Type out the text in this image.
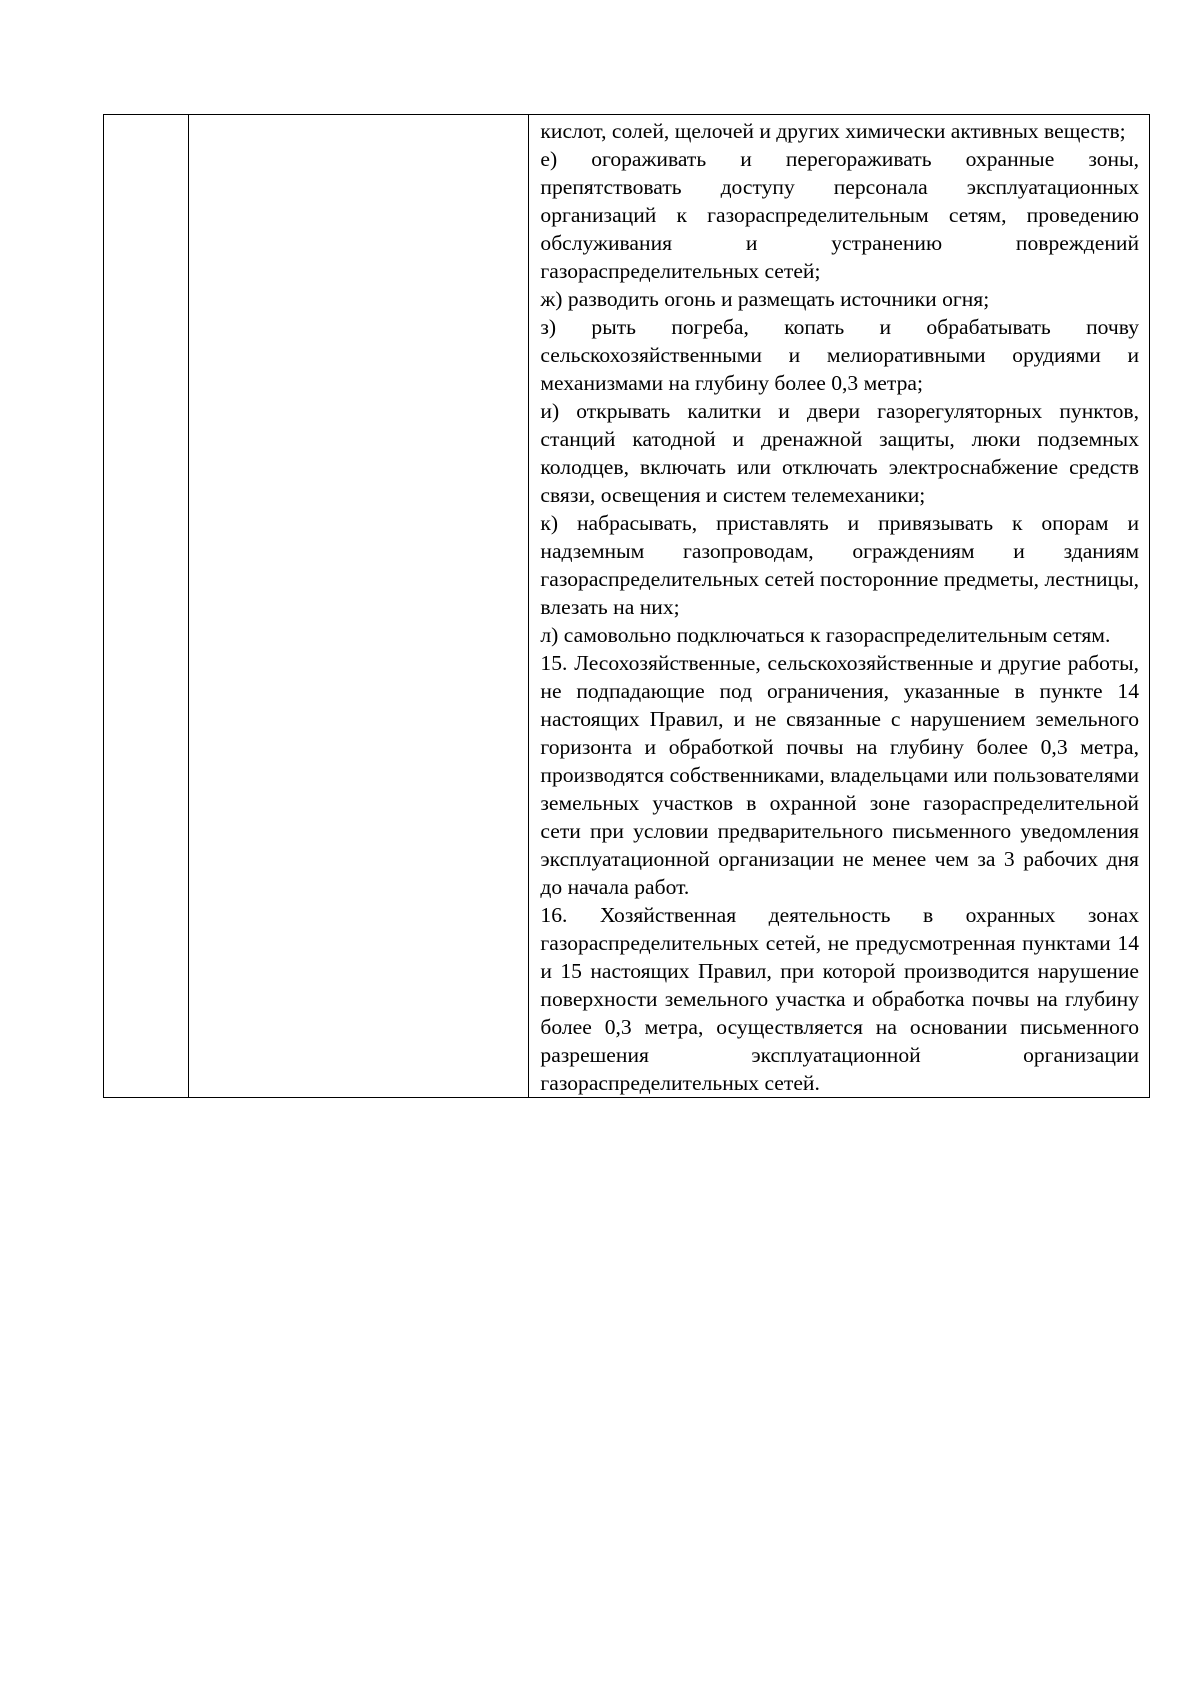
кислот, солей, щелочей и других химически активных веществ;

е) огораживать и перегораживать охранные зоны, препятствовать доступу персонала эксплуатационных организаций к газораспределительным сетям, проведению обслуживания и устранению повреждений газораспределительных сетей;

ж) разводить огонь и размещать источники огня;

з) рыть погреба, копать и обрабатывать почву сельскохозяйственными и мелиоративными орудиями и механизмами на глубину более 0,3 метра;

и) открывать калитки и двери газорегуляторных пунктов, станций катодной и дренажной защиты, люки подземных колодцев, включать или отключать электроснабжение средств связи, освещения и систем телемеханики;

к) набрасывать, приставлять и привязывать к опорам и надземным газопроводам, ограждениям и зданиям газораспределительных сетей посторонние предметы, лестницы, влезать на них;

л) самовольно подключаться к газораспределительным сетям.

15. Лесохозяйственные, сельскохозяйственные и другие работы, не подпадающие под ограничения, указанные в пункте 14 настоящих Правил, и не связанные с нарушением земельного горизонта и обработкой почвы на глубину более 0,3 метра, производятся собственниками, владельцами или пользователями земельных участков в охранной зоне газораспределительной сети при условии предварительного письменного уведомления эксплуатационной организации не менее чем за 3 рабочих дня до начала работ.

16. Хозяйственная деятельность в охранных зонах газораспределительных сетей, не предусмотренная пунктами 14 и 15 настоящих Правил, при которой производится нарушение поверхности земельного участка и обработка почвы на глубину более 0,3 метра, осуществляется на основании письменного разрешения эксплуатационной организации газораспределительных сетей.
